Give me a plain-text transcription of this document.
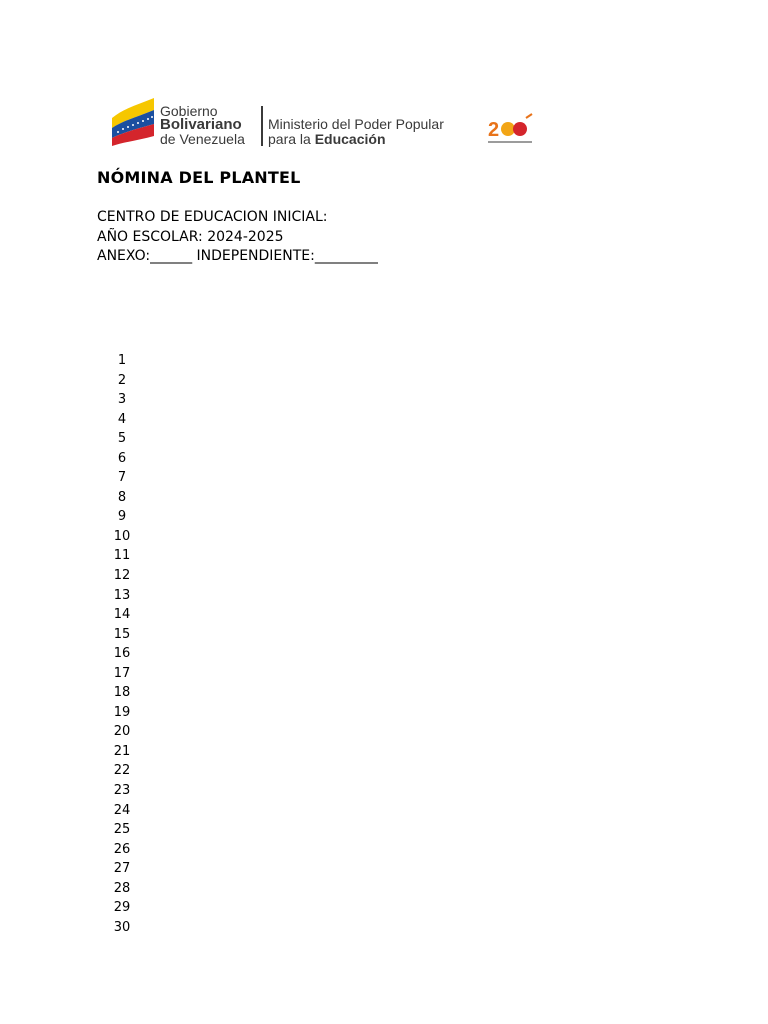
Gobierno
Bolivariano
de Venezuela
Ministerio del Poder Popular
para la Educación	2
NÓMINA DEL PLANTEL
CENTRO DE EDUCACION INICIAL:
AÑO ESCOLAR: 2024-2025
ANEXO:______ INDEPENDIENTE:_________
1
2
3
4
5
6
7
8
9
10
11
12
13
14
15
16
17
18
19
20
21
22
23
24
25
26
27
28
29
30
